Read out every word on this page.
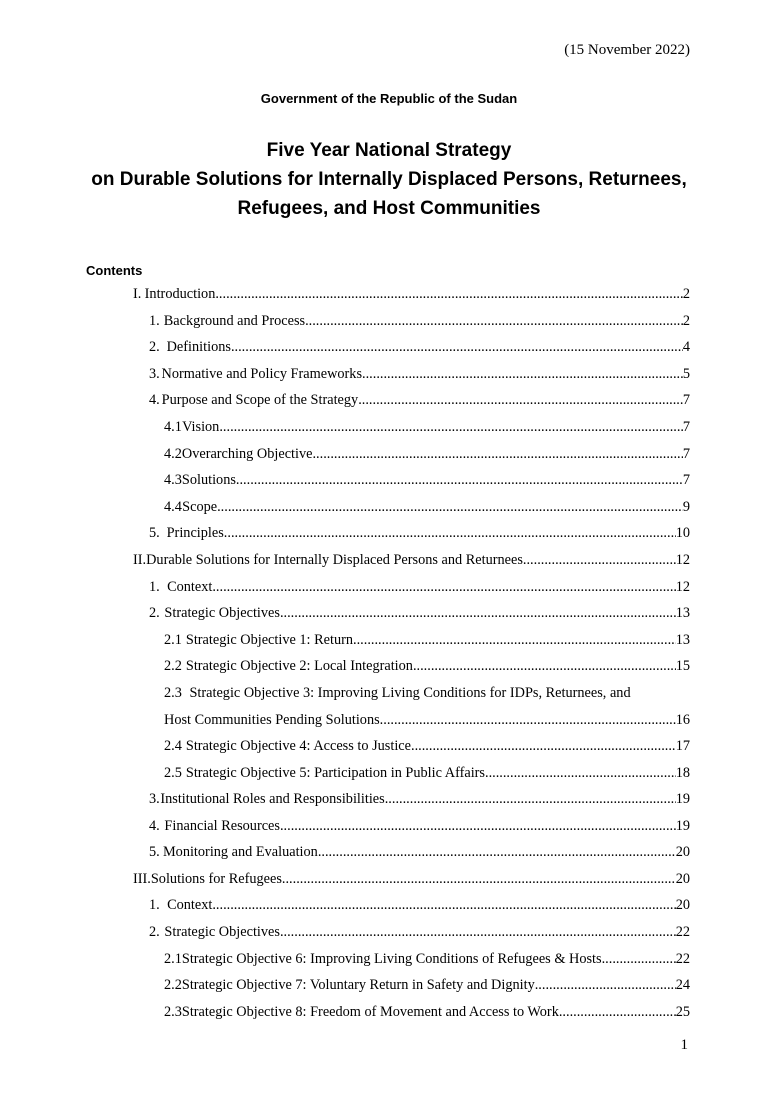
(15 November 2022)
Government of the Republic of the Sudan
Five Year National Strategy
on Durable Solutions for Internally Displaced Persons, Returnees,
Refugees, and Host Communities
Contents
I. Introduction .....	2
1. Background and Process .....	2
2. Definitions .....	4
3. Normative and Policy Frameworks .....	5
4. Purpose and Scope of the Strategy .....	7
4.1 Vision .....	7
4.2 Overarching Objective .....	7
4.3 Solutions .....	7
4.4 Scope .....	9
5. Principles .....	10
II. Durable Solutions for Internally Displaced Persons and Returnees .....	12
1. Context .....	12
2. Strategic Objectives .....	13
2.1 Strategic Objective 1: Return .....	13
2.2 Strategic Objective 2: Local Integration .....	15
2.3 Strategic Objective 3: Improving Living Conditions for IDPs, Returnees, and
Host Communities Pending Solutions .....	16
2.4 Strategic Objective 4: Access to Justice .....	17
2.5 Strategic Objective 5: Participation in Public Affairs. .....	18
3. Institutional Roles and Responsibilities .....	19
4. Financial Resources .....	19
5. Monitoring and Evaluation .....	20
III. Solutions for Refugees .....	20
1. Context .....	20
2. Strategic Objectives .....	22
2.1 Strategic Objective 6: Improving Living Conditions of Refugees & Hosts .....	22
2.2 Strategic Objective 7: Voluntary Return in Safety and Dignity .....	24
2.3 Strategic Objective 8: Freedom of Movement and Access to Work .....	25
1
